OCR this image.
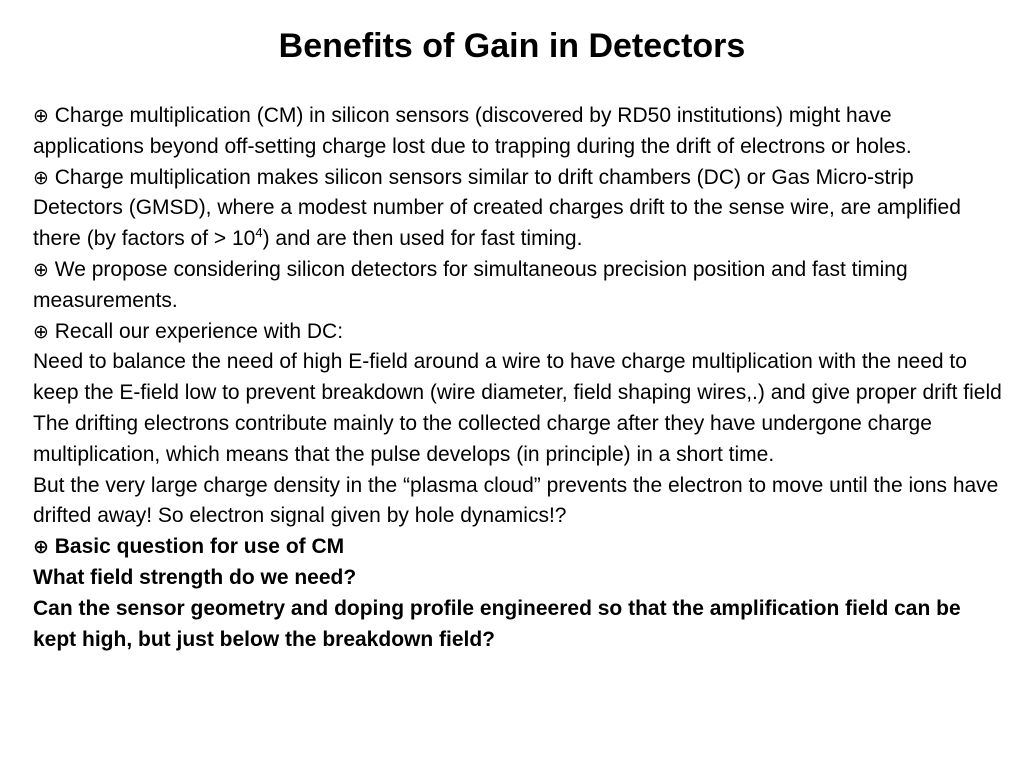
Benefits of Gain in Detectors

⊕ Charge multiplication (CM) in silicon sensors (discovered by RD50 institutions) might have applications beyond off-setting charge lost due to trapping during the drift of electrons or holes.

⊕ Charge multiplication makes silicon sensors similar to drift chambers (DC) or Gas Micro-strip Detectors (GMSD), where a modest number of created charges drift to the sense wire, are amplified there (by factors of > $10^4$) and are then used for fast timing.

⊕ We propose considering silicon detectors for simultaneous precision position and fast timing measurements.

⊕ Recall our experience with DC:

Need to balance the need of high E-field around a wire to have charge multiplication with the need to keep the E-field low to prevent breakdown (wire diameter, field shaping wires,.) and give proper drift field

The drifting electrons contribute mainly to the collected charge after they have undergone charge multiplication, which means that the pulse develops (in principle) in a short time.

But the very large charge density in the “plasma cloud” prevents the electron to move until the ions have drifted away! So electron signal given by hole dynamics!?

⊕ Basic question for use of CM

What field strength do we need?

Can the sensor geometry and doping profile engineered so that the amplification field can be kept high, but just below the breakdown field?
